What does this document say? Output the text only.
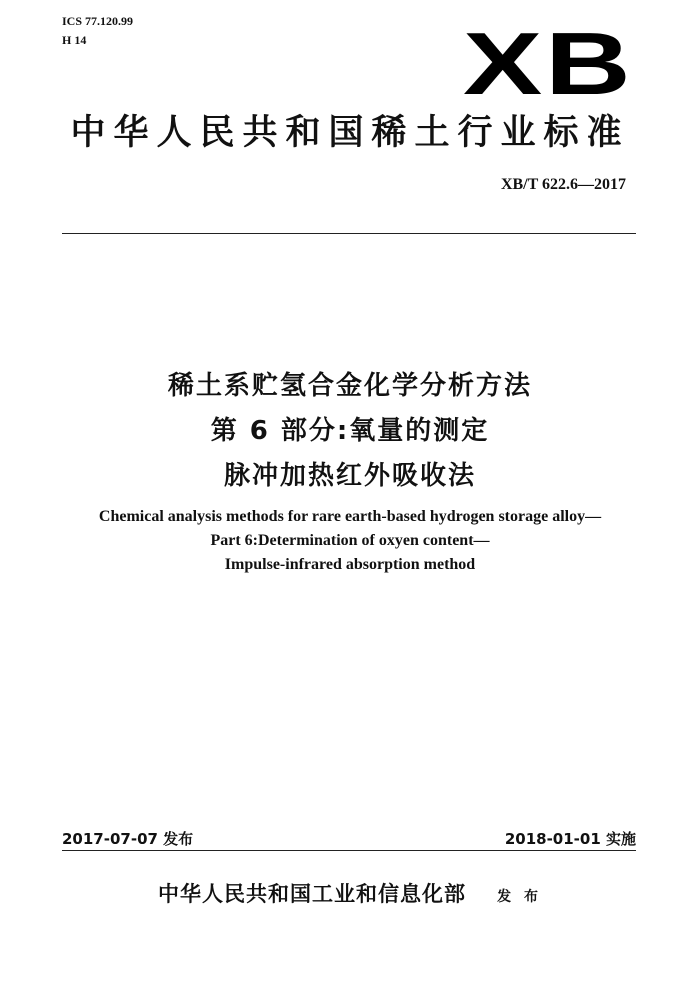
ICS 77.120.99
H 14	XB
中华人民共和国稀土行业标准
XB/T 622.6—2017
稀土系贮氢合金化学分析方法
第 6 部分:氧量的测定
脉冲加热红外吸收法
Chemical analysis methods for rare earth-based hydrogen storage alloy—
Part 6:Determination of oxyen content—
Impulse-infrared absorption method
2017-07-07 发布	2018-01-01 实施
中华人民共和国工业和信息化部 发 布
